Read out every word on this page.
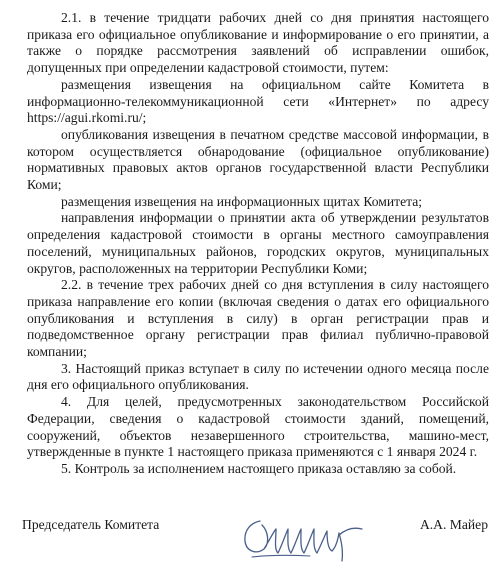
2.1. в течение тридцати рабочих дней со дня принятия настоящего приказа его официальное опубликование и информирование о его принятии, а также о порядке рассмотрения заявлений об исправлении ошибок, допущенных при определении кадастровой стоимости, путем:

размещения извещения на официальном сайте Комитета в информационно-телекоммуникационной сети «Интернет» по адресу https://agui.rkomi.ru/;

опубликования извещения в печатном средстве массовой информации, в котором осуществляется обнародование (официальное опубликование) нормативных правовых актов органов государственной власти Республики Коми;

размещения извещения на информационных щитах Комитета;

направления информации о принятии акта об утверждении результатов определения кадастровой стоимости в органы местного самоуправления поселений, муниципальных районов, городских округов, муниципальных округов, расположенных на территории Республики Коми;

2.2. в течение трех рабочих дней со дня вступления в силу настоящего приказа направление его копии (включая сведения о датах его официального опубликования и вступления в силу) в орган регистрации прав и подведомственное органу регистрации прав филиал публично-правовой компании;

3. Настоящий приказ вступает в силу по истечении одного месяца после дня его официального опубликования.

4. Для целей, предусмотренных законодательством Российской Федерации, сведения о кадастровой стоимости зданий, помещений, сооружений, объектов незавершенного строительства, машино-мест, утвержденные в пункте 1 настоящего приказа применяются с 1 января 2024 г.

5. Контроль за исполнением настоящего приказа оставляю за собой.

Председатель Комитета	А.А. Майер
